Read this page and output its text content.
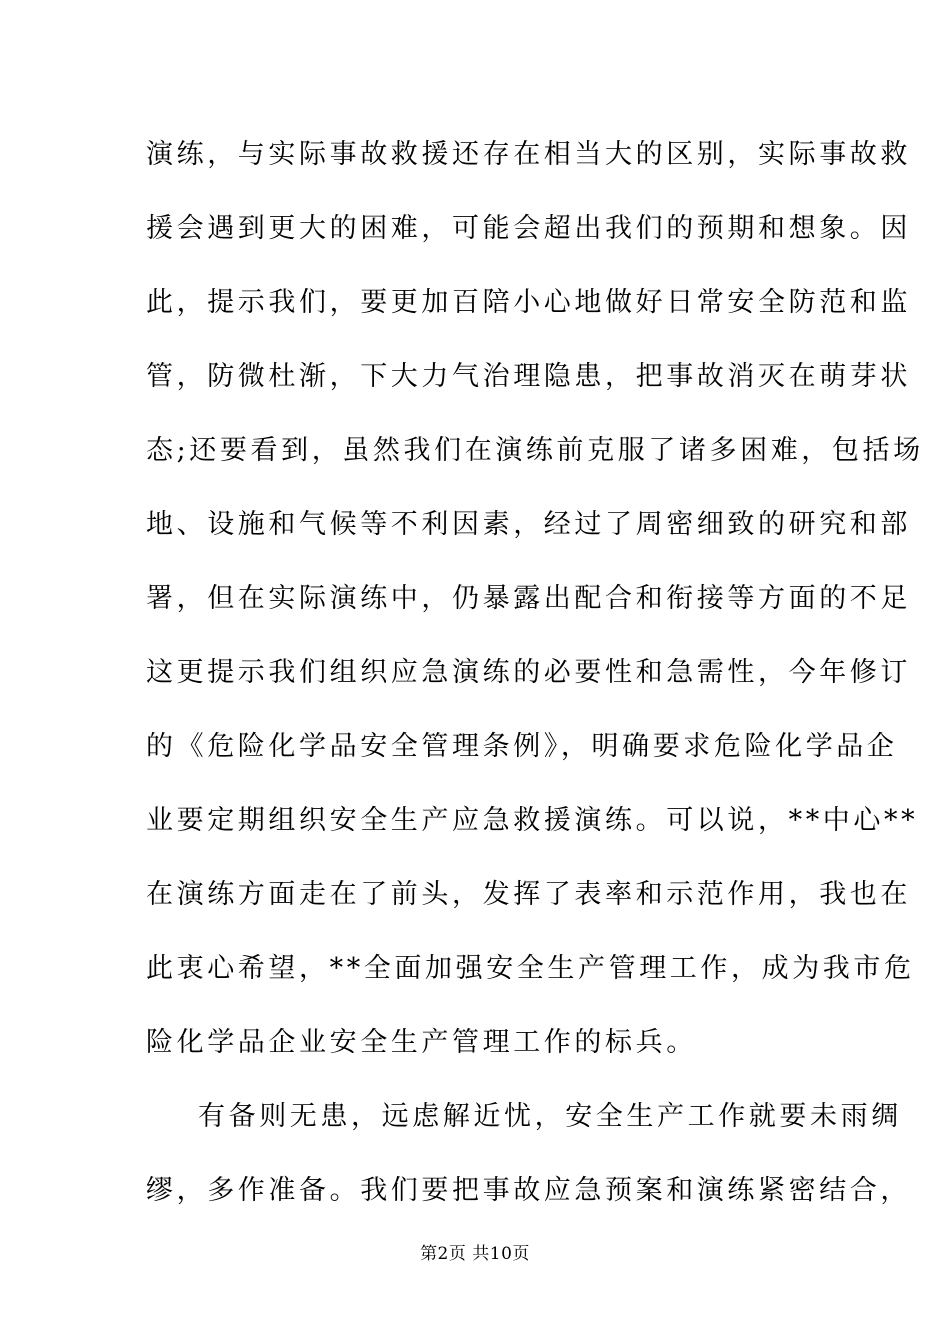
演练，与实际事故救援还存在相当大的区别，实际事故救
援会遇到更大的困难，可能会超出我们的预期和想象。因
此，提示我们，要更加百陪小心地做好日常安全防范和监
管，防微杜渐，下大力气治理隐患，把事故消灭在萌芽状
态;还要看到，虽然我们在演练前克服了诸多困难，包括场
地、设施和气候等不利因素，经过了周密细致的研究和部
署，但在实际演练中，仍暴露出配合和衔接等方面的不足
这更提示我们组织应急演练的必要性和急需性，今年修订
的《危险化学品安全管理条例》，明确要求危险化学品企
业要定期组织安全生产应急救援演练。可以说，**中心**
在演练方面走在了前头，发挥了表率和示范作用，我也在
此衷心希望，**全面加强安全生产管理工作，成为我市危
险化学品企业安全生产管理工作的标兵。
有备则无患，远虑解近忧，安全生产工作就要未雨绸
缪，多作准备。我们要把事故应急预案和演练紧密结合，
第2页 共10页
